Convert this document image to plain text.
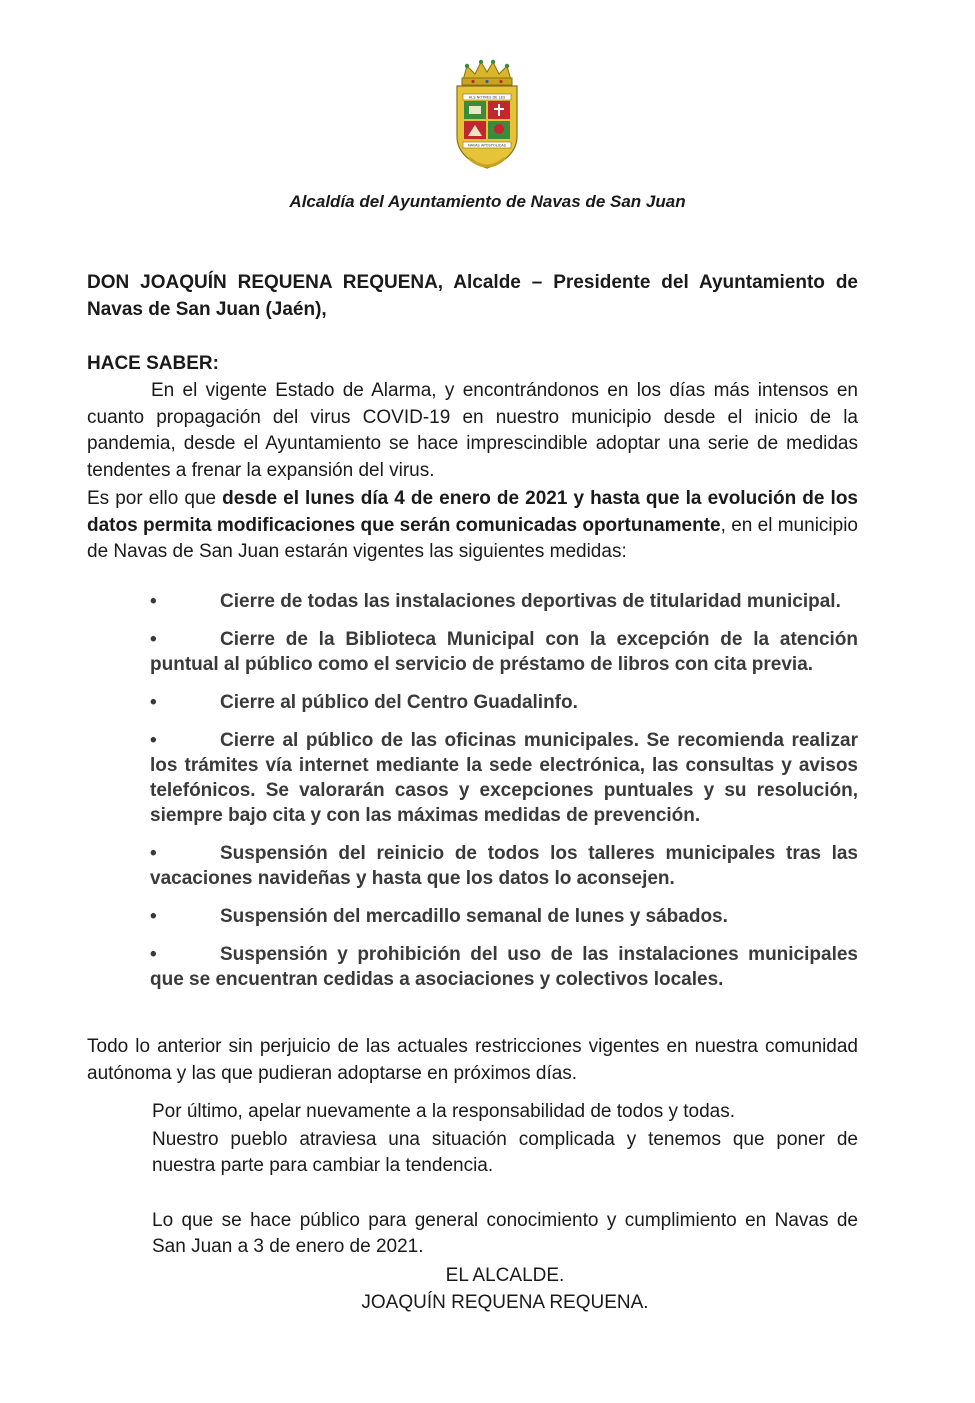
ALS NOTRES DE LES
NAVAS APOSTOLICAS

Alcaldía del Ayuntamiento de Navas de San Juan

DON JOAQUÍN REQUENA REQUENA, Alcalde – Presidente del Ayuntamiento de Navas de San Juan (Jaén),

HACE SABER:

En el vigente Estado de Alarma, y encontrándonos en los días más intensos en cuanto propagación del virus COVID-19 en nuestro municipio desde el inicio de la pandemia, desde el Ayuntamiento se hace imprescindible adoptar una serie de medidas tendentes a frenar la expansión del virus.

Es por ello que desde el lunes día 4 de enero de 2021 y hasta que la evolución de los datos permita modificaciones que serán comunicadas oportunamente, en el municipio de Navas de San Juan estarán vigentes las siguientes medidas:

•	Cierre de todas las instalaciones deportivas de titularidad municipal.
•	Cierre de la Biblioteca Municipal con la excepción de la atención puntual al público como el servicio de préstamo de libros con cita previa.
•	Cierre al público del Centro Guadalinfo.
•	Cierre al público de las oficinas municipales. Se recomienda realizar los trámites vía internet mediante la sede electrónica, las consultas y avisos telefónicos. Se valorarán casos y excepciones puntuales y su resolución, siempre bajo cita y con las máximas medidas de prevención.
•	Suspensión del reinicio de todos los talleres municipales tras las vacaciones navideñas y hasta que los datos lo aconsejen.
•	Suspensión del mercadillo semanal de lunes y sábados.
•	Suspensión y prohibición del uso de las instalaciones municipales que se encuentran cedidas a asociaciones y colectivos locales.

Todo lo anterior sin perjuicio de las actuales restricciones vigentes en nuestra comunidad autónoma y las que pudieran adoptarse en próximos días.

Por último, apelar nuevamente a la responsabilidad de todos y todas.

Nuestro pueblo atraviesa una situación complicada y tenemos que poner de nuestra parte para cambiar la tendencia.

Lo que se hace público para general conocimiento y cumplimiento en Navas de San Juan a 3 de enero de 2021.

EL ALCALDE.

JOAQUÍN REQUENA REQUENA.
